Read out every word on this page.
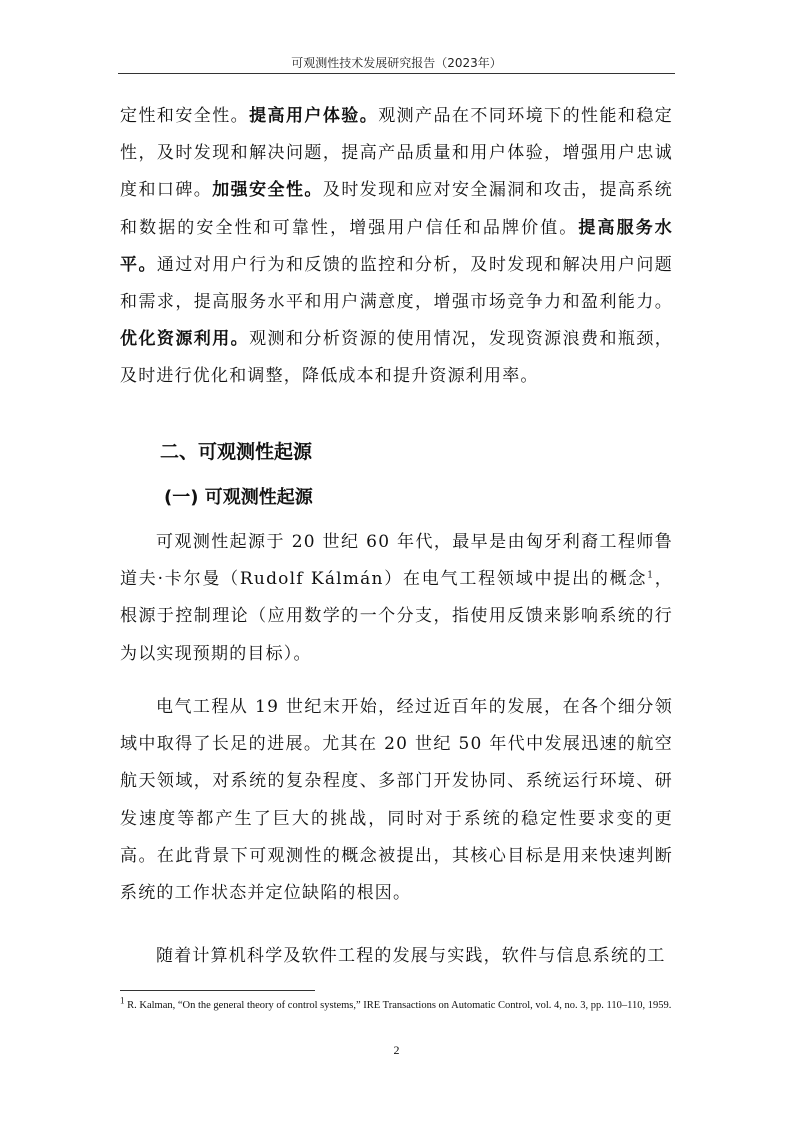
可观测性技术发展研究报告（2023年）

定性和安全性。提高用户体验。观测产品在不同环境下的性能和稳定性，及时发现和解决问题，提高产品质量和用户体验，增强用户忠诚度和口碑。加强安全性。及时发现和应对安全漏洞和攻击，提高系统和数据的安全性和可靠性，增强用户信任和品牌价值。提高服务水平。通过对用户行为和反馈的监控和分析，及时发现和解决用户问题和需求，提高服务水平和用户满意度，增强市场竞争力和盈利能力。优化资源利用。观测和分析资源的使用情况，发现资源浪费和瓶颈，及时进行优化和调整，降低成本和提升资源利用率。

二、可观测性起源
(一) 可观测性起源

可观测性起源于 20 世纪 60 年代，最早是由匈牙利裔工程师鲁道夫·卡尔曼（Rudolf Kálmán）在电气工程领域中提出的概念$^1$，根源于控制理论（应用数学的一个分支，指使用反馈来影响系统的行为以实现预期的目标）。

电气工程从 19 世纪末开始，经过近百年的发展，在各个细分领域中取得了长足的进展。尤其在 20 世纪 50 年代中发展迅速的航空航天领域，对系统的复杂程度、多部门开发协同、系统运行环境、研发速度等都产生了巨大的挑战，同时对于系统的稳定性要求变的更高。在此背景下可观测性的概念被提出，其核心目标是用来快速判断系统的工作状态并定位缺陷的根因。

随着计算机科学及软件工程的发展与实践，软件与信息系统的工

$^1$ R. Kalman, “On the general theory of control systems,” IRE Transactions on Automatic Control, vol. 4, no. 3, pp. 110–110, 1959.
2
